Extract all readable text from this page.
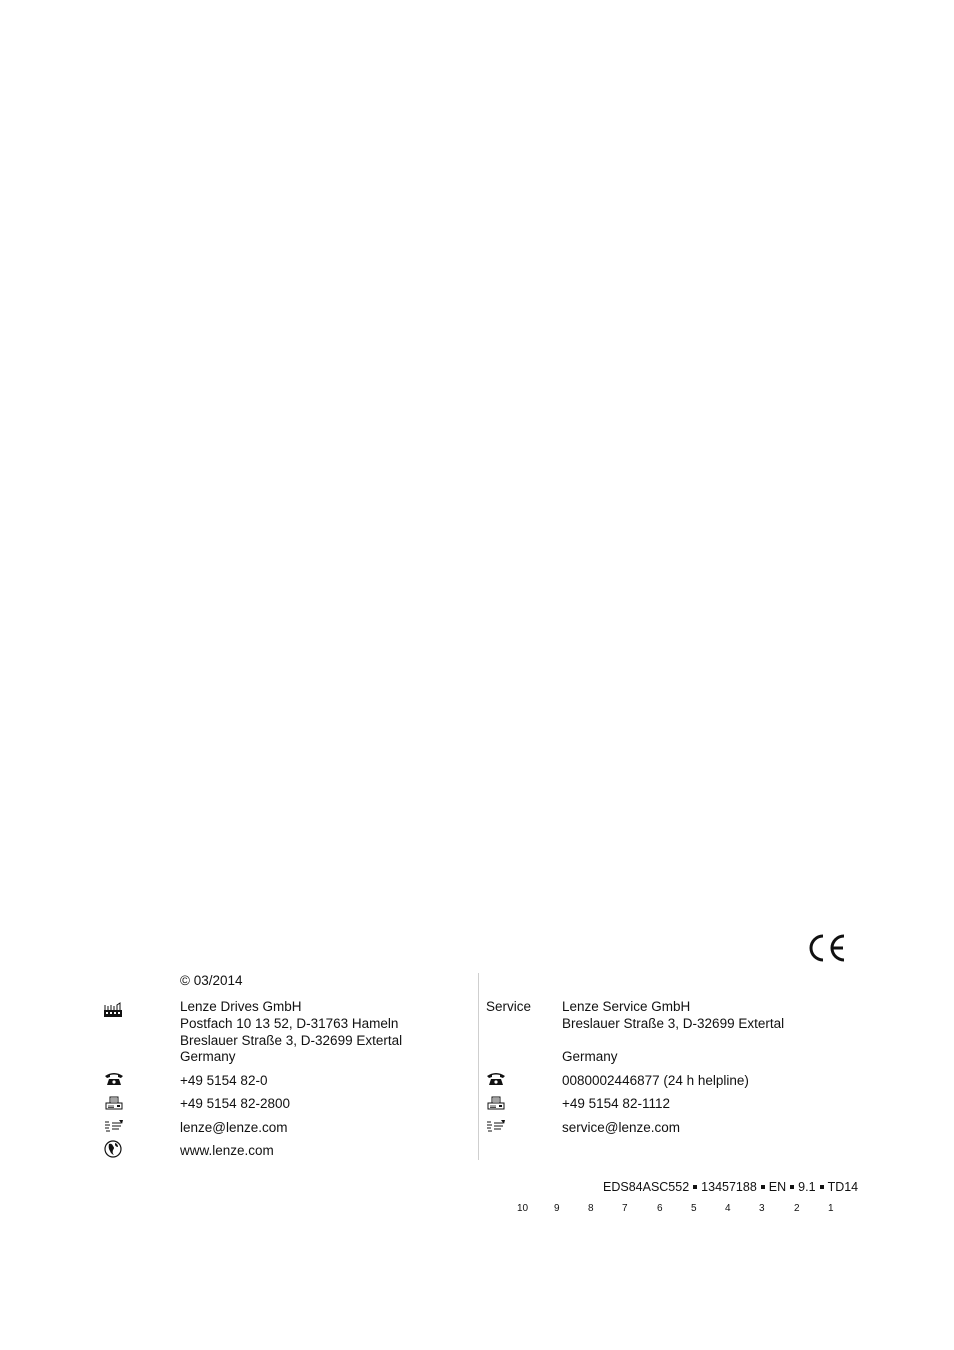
© 03/2014
Lenze Drives GmbH
Postfach 10 13 52, D-31763 Hameln
Breslauer Straße 3, D-32699 Extertal
Germany
+49 5154 82-0
+49 5154 82-2800
lenze@lenze.com
www.lenze.com
Service Lenze Service GmbH
Breslauer Straße 3, D-32699 Extertal
Germany
0080002446877 (24 h helpline)
+49 5154 82-1112
service@lenze.com
EDS84ASC552 13457188 EN 9.1 TD14
10	9	8	7	6	5	4	3	2	1
